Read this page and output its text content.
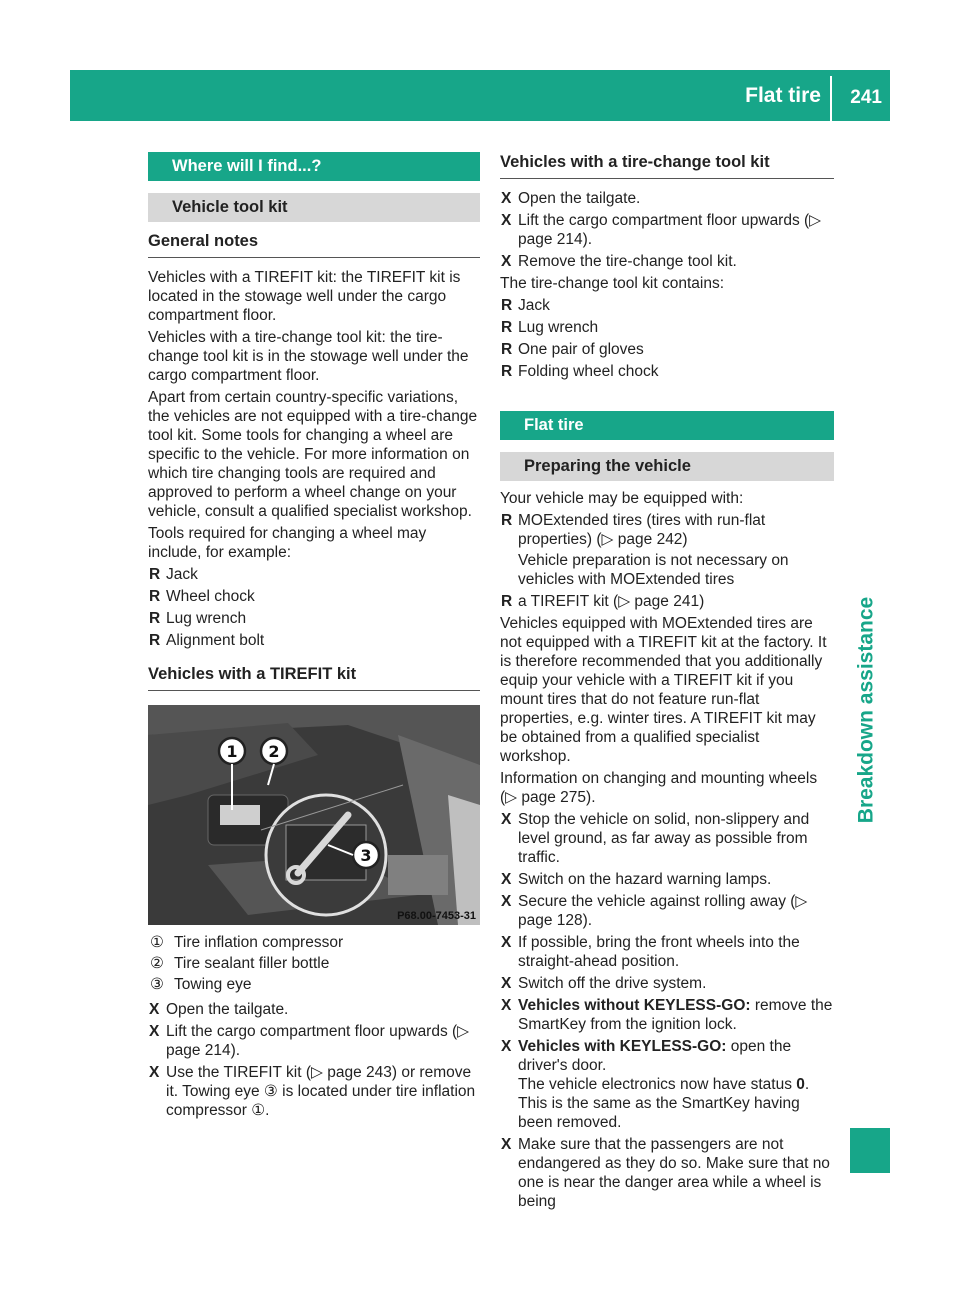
Flat tire 241
Breakdown assistance
Where will I find...?
Vehicle tool kit
General notes
Vehicles with a TIREFIT kit: the TIREFIT kit is located in the stowage well under the cargo compartment floor.
Vehicles with a tire-change tool kit: the tire-change tool kit is in the stowage well under the cargo compartment floor.
Apart from certain country-specific variations, the vehicles are not equipped with a tire-change tool kit. Some tools for changing a wheel are specific to the vehicle. For more information on which tire changing tools are required and approved to perform a wheel change on your vehicle, consult a qualified specialist workshop.
Tools required for changing a wheel may include, for example:
R Jack
R Wheel chock
R Lug wrench
R Alignment bolt
Vehicles with a TIREFIT kit
1 2
3
P68.00-7453-31
① Tire inflation compressor
② Tire sealant filler bottle
③ Towing eye
X Open the tailgate.
X Lift the cargo compartment floor upwards (▷ page 214).
X Use the TIREFIT kit (▷ page 243) or remove it. Towing eye ③ is located under tire inflation compressor ①.
Vehicles with a tire-change tool kit
X Open the tailgate.
X Lift the cargo compartment floor upwards (▷ page 214).
X Remove the tire-change tool kit.
The tire-change tool kit contains:
R Jack
R Lug wrench
R One pair of gloves
R Folding wheel chock
Flat tire
Preparing the vehicle
Your vehicle may be equipped with:
R MOExtended tires (tires with run-flat properties) (▷ page 242)
Vehicle preparation is not necessary on vehicles with MOExtended tires
R a TIREFIT kit (▷ page 241)
Vehicles equipped with MOExtended tires are not equipped with a TIREFIT kit at the factory. It is therefore recommended that you additionally equip your vehicle with a TIREFIT kit if you mount tires that do not feature run-flat properties, e.g. winter tires. A TIREFIT kit may be obtained from a qualified specialist workshop.
Information on changing and mounting wheels (▷ page 275).
X Stop the vehicle on solid, non-slippery and level ground, as far away as possible from traffic.
X Switch on the hazard warning lamps.
X Secure the vehicle against rolling away (▷ page 128).
X If possible, bring the front wheels into the straight-ahead position.
X Switch off the drive system.
X Vehicles without KEYLESS-GO: remove the SmartKey from the ignition lock.
X Vehicles with KEYLESS-GO: open the driver's door.
The vehicle electronics now have status 0.
This is the same as the SmartKey having been removed.
X Make sure that the passengers are not endangered as they do so. Make sure that no one is near the danger area while a wheel is being
